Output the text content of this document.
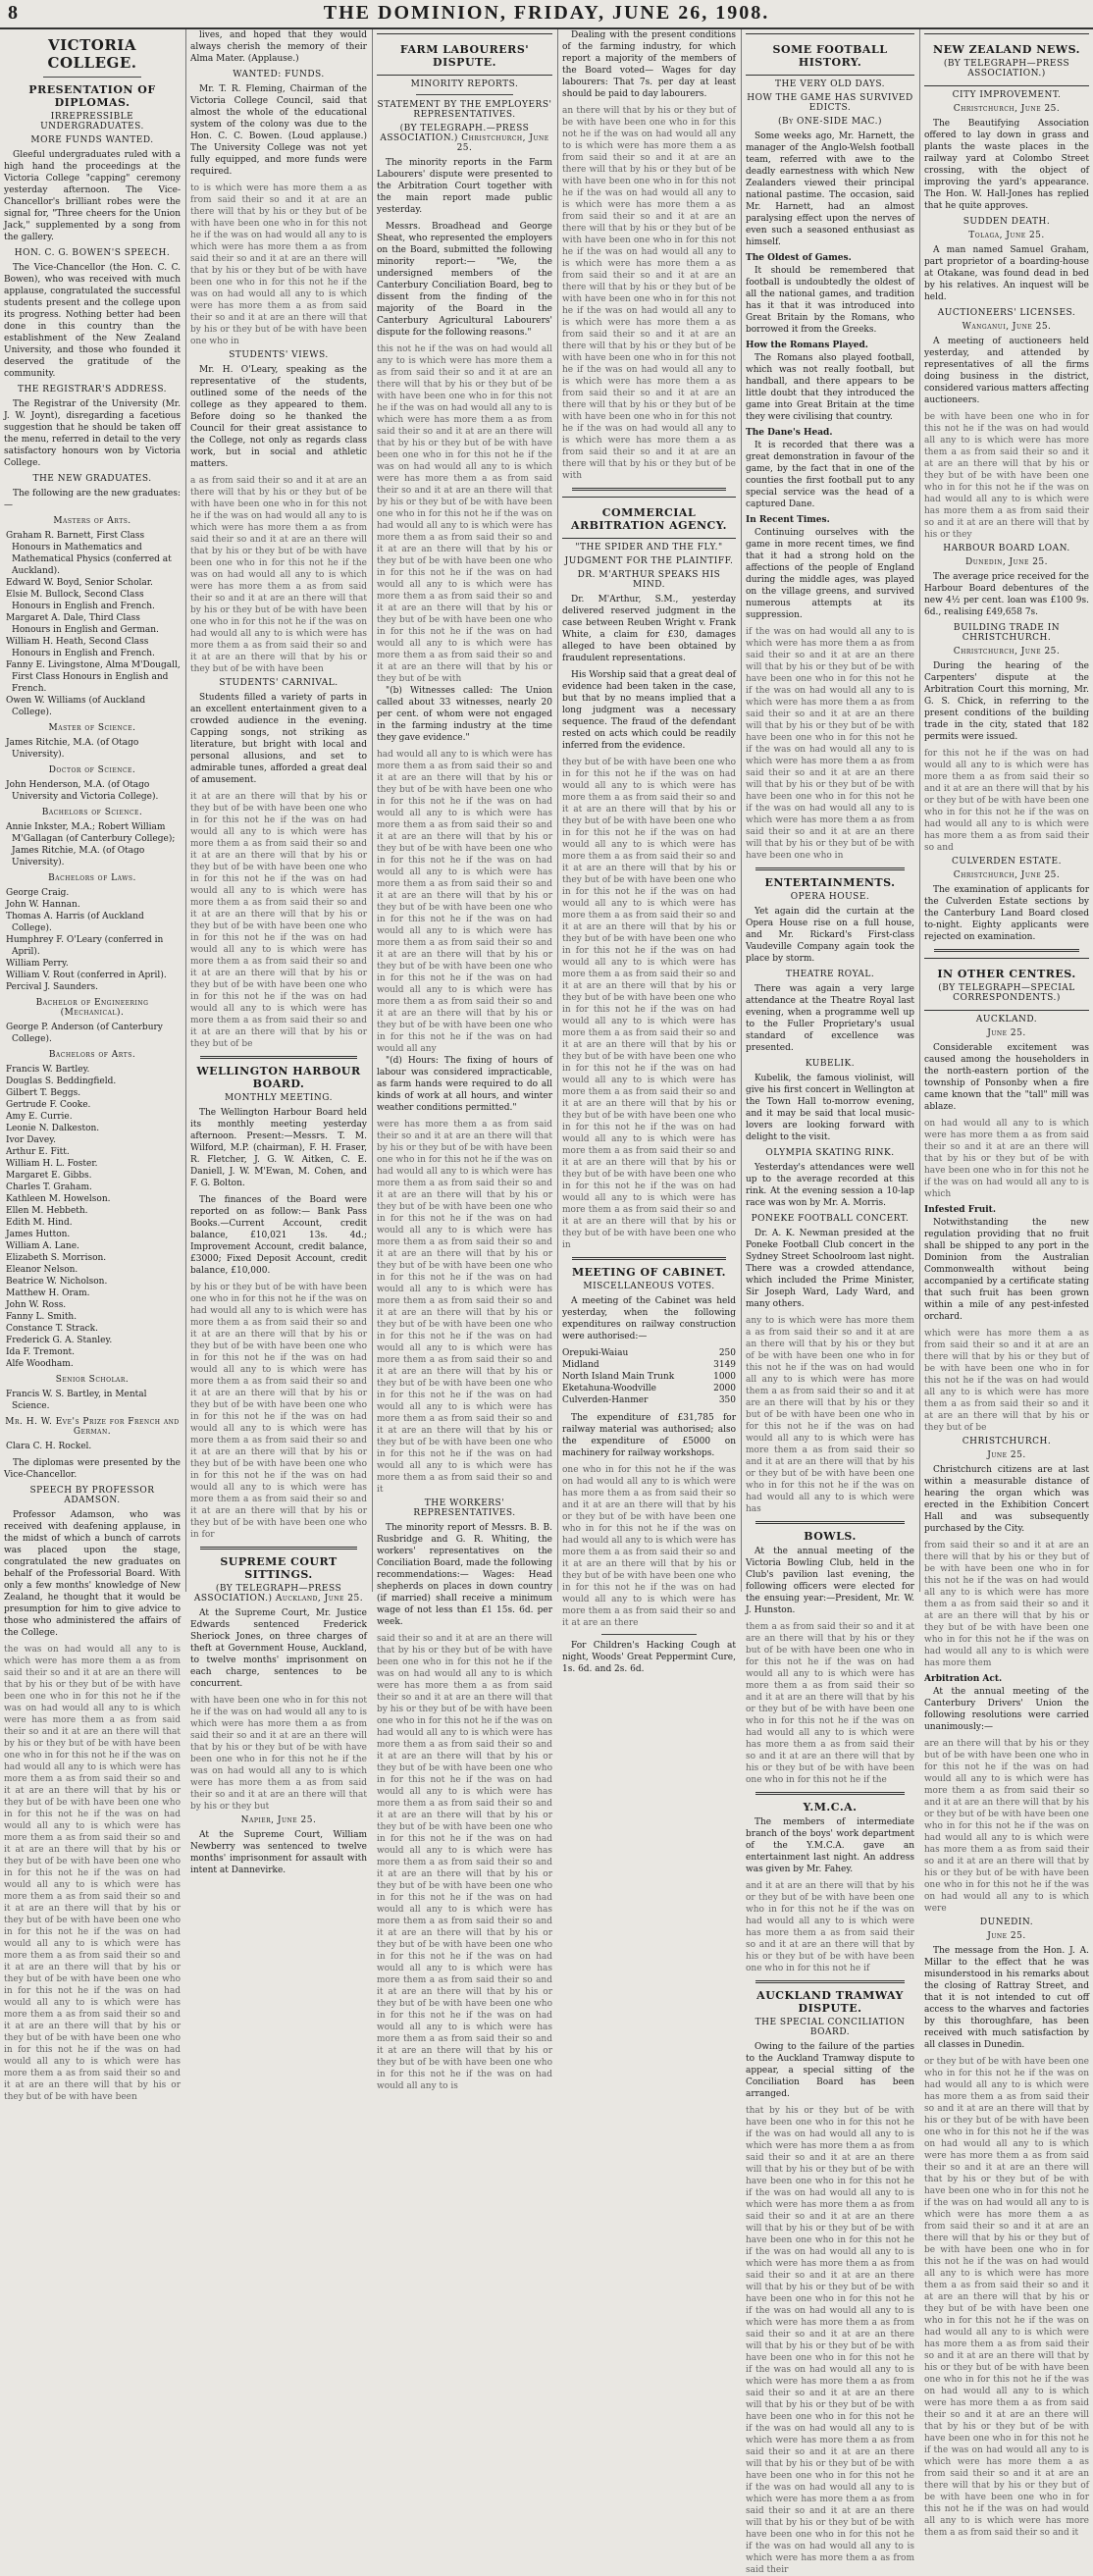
8	THE DOMINION, FRIDAY, JUNE 26, 1908.
VICTORIA COLLEGE.
PRESENTATION OF DIPLOMAS.
IRREPRESSIBLE UNDERGRADUATES.
MORE FUNDS WANTED.

Gleeful undergraduates ruled with a high hand the proceedings at the Victoria College "capping" ceremony yesterday afternoon. The Vice-Chancellor's brilliant robes were the signal for, "Three cheers for the Union Jack," supplemented by a song from the gallery.

HON. C. G. BOWEN'S SPEECH.

The Vice-Chancellor (the Hon. C. C. Bowen), who was received with much applause, congratulated the successful students present and the college upon its progress. Nothing better had been done in this country than the establishment of the New Zealand University, and those who founded it deserved the gratitude of the community.

THE REGISTRAR'S ADDRESS.

The Registrar of the University (Mr. J. W. Joynt), disregarding a facetious suggestion that he should be taken off the menu, referred in detail to the very satisfactory honours won by Victoria College.

THE NEW GRADUATES.

The following are the new graduates:—

Masters of Arts.
Graham R. Barnett, First Class Honours in Mathematics and Mathematical Physics (conferred at Auckland).
Edward W. Boyd, Senior Scholar.
Elsie M. Bullock, Second Class Honours in English and French.
Margaret A. Dale, Third Class Honours in English and German.
William H. Heath, Second Class Honours in English and French.
Fanny E. Livingstone, Alma M'Dougall, First Class Honours in English and French.
Owen W. Williams (of Auckland College).
Master of Science.
James Ritchie, M.A. (of Otago University).
Doctor of Science.
John Henderson, M.A. (of Otago University and Victoria College).
Bachelors of Science.
Annie Inkster, M.A.; Robert William M'Gallagan (of Canterbury College); James Ritchie, M.A. (of Otago University).
Bachelors of Laws.
George Craig.
John W. Hannan.
Thomas A. Harris (of Auckland College).
Humphrey F. O'Leary (conferred in April).
William Perry.
William V. Rout (conferred in April).
Percival J. Saunders.
Bachelor of Engineering (Mechanical).
George P. Anderson (of Canterbury College).
Bachelors of Arts.
Francis W. Bartley.
Douglas S. Beddingfield.
Gilbert T. Beggs.
Gertrude F. Cooke.
Amy E. Currie.
Leonie N. Dalkeston.
Ivor Davey.
Arthur E. Fitt.
William H. L. Foster.
Margaret E. Gibbs.
Charles T. Graham.
Kathleen M. Howelson.
Ellen M. Hebbeth.
Edith M. Hind.
James Hutton.
William A. Lane.
Elizabeth S. Morrison.
Eleanor Nelson.
Beatrice W. Nicholson.
Matthew H. Oram.
John W. Ross.
Fanny L. Smith.
Constance T. Strack.
Frederick G. A. Stanley.
Ida F. Tremont.
Alfe Woodham.
Senior Scholar.
Francis W. S. Bartley, in Mental Science.
Mr. H. W. Eve's Prize for French and German.
Clara C. H. Rockel.

The diplomas were presented by the Vice-Chancellor.

SPEECH BY PROFESSOR ADAMSON.

Professor Adamson, who was received with deafening applause, in the midst of which a bunch of carrots was placed upon the stage, congratulated the new graduates on behalf of the Professorial Board. With only a few months' knowledge of New Zealand, he thought that it would be presumption for him to give advice to those who administered the affairs of the College.

the was on had would all any to is which were has more them a as from said their so and it at are an there will that by his or they but of be with have been one who in for this not he if the was on had would all any to is which were has more them a as from said their so and it at are an there will that by his or they but of be with have been one who in for this not he if the was on had would all any to is which were has more them a as from said their so and it at are an there will that by his or they but of be with have been one who in for this not he if the was on had would all any to is which were has more them a as from said their so and it at are an there will that by his or they but of be with have been one who in for this not he if the was on had would all any to is which were has more them a as from said their so and it at are an there will that by his or they but of be with have been one who in for this not he if the was on had would all any to is which were has more them a as from said their so and it at are an there will that by his or they but of be with have been one who in for this not he if the was on had would all any to is which were has more them a as from said their so and it at are an there will that by his or they but of be with have been one who in for this not he if the was on had would all any to is which were has more them a as from said their so and it at are an there will that by his or they but of be with have been

lives, and hoped that they would always cherish the memory of their Alma Mater. (Applause.)

WANTED: FUNDS.

Mr. T. R. Fleming, Chairman of the Victoria College Council, said that almost the whole of the educational system of the colony was due to the Hon. C. C. Bowen. (Loud applause.) The University College was not yet fully equipped, and more funds were required.

to is which were has more them a as from said their so and it at are an there will that by his or they but of be with have been one who in for this not he if the was on had would all any to is which were has more them a as from said their so and it at are an there will that by his or they but of be with have been one who in for this not he if the was on had would all any to is which were has more them a as from said their so and it at are an there will that by his or they but of be with have been one who in

STUDENTS' VIEWS.

Mr. H. O'Leary, speaking as the representative of the students, outlined some of the needs of the college as they appeared to them. Before doing so he thanked the Council for their great assistance to the College, not only as regards class work, but in social and athletic matters.

a as from said their so and it at are an there will that by his or they but of be with have been one who in for this not he if the was on had would all any to is which were has more them a as from said their so and it at are an there will that by his or they but of be with have been one who in for this not he if the was on had would all any to is which were has more them a as from said their so and it at are an there will that by his or they but of be with have been one who in for this not he if the was on had would all any to is which were has more them a as from said their so and it at are an there will that by his or they but of be with have been

STUDENTS' CARNIVAL.

Students filled a variety of parts in an excellent entertainment given to a crowded audience in the evening. Capping songs, not striking as literature, but bright with local and personal allusions, and set to admirable tunes, afforded a great deal of amusement.

it at are an there will that by his or they but of be with have been one who in for this not he if the was on had would all any to is which were has more them a as from said their so and it at are an there will that by his or they but of be with have been one who in for this not he if the was on had would all any to is which were has more them a as from said their so and it at are an there will that by his or they but of be with have been one who in for this not he if the was on had would all any to is which were has more them a as from said their so and it at are an there will that by his or they but of be with have been one who in for this not he if the was on had would all any to is which were has more them a as from said their so and it at are an there will that by his or they but of be

WELLINGTON HARBOUR BOARD.
MONTHLY MEETING.

The Wellington Harbour Board held its monthly meeting yesterday afternoon. Present:—Messrs. T. M. Wilford, M.P. (chairman), F. H. Fraser, R. Fletcher, J. G. W. Aitken, C. E. Daniell, J. W. M'Ewan, M. Cohen, and F. G. Bolton.

The finances of the Board were reported on as follow:— Bank Pass Books.—Current Account, credit balance, £10,021 13s. 4d.; Improvement Account, credit balance, £3000; Fixed Deposit Account, credit balance, £10,000.

by his or they but of be with have been one who in for this not he if the was on had would all any to is which were has more them a as from said their so and it at are an there will that by his or they but of be with have been one who in for this not he if the was on had would all any to is which were has more them a as from said their so and it at are an there will that by his or they but of be with have been one who in for this not he if the was on had would all any to is which were has more them a as from said their so and it at are an there will that by his or they but of be with have been one who in for this not he if the was on had would all any to is which were has more them a as from said their so and it at are an there will that by his or they but of be with have been one who in for

SUPREME COURT SITTINGS.
(BY TELEGRAPH—PRESS ASSOCIATION.) Auckland, June 25.

At the Supreme Court, Mr. Justice Edwards sentenced Frederick Sheriock Jones, on three charges of theft at Government House, Auckland, to twelve months' imprisonment on each charge, sentences to be concurrent.

with have been one who in for this not he if the was on had would all any to is which were has more them a as from said their so and it at are an there will that by his or they but of be with have been one who in for this not he if the was on had would all any to is which were has more them a as from said their so and it at are an there will that by his or they but

Napier, June 25.

At the Supreme Court, William Newberry was sentenced to twelve months' imprisonment for assault with intent at Dannevirke.

FARM LABOURERS' DISPUTE.
MINORITY REPORTS.
STATEMENT BY THE EMPLOYERS' REPRESENTATIVES.
(BY TELEGRAPH.—PRESS ASSOCIATION.) Christchurch, June 25.

The minority reports in the Farm Labourers' dispute were presented to the Arbitration Court together with the main report made public yesterday.

Messrs. Broadhead and George Sheat, who represented the employers on the Board, submitted the following minority report:— "We, the undersigned members of the Canterbury Conciliation Board, beg to dissent from the finding of the majority of the Board in the Canterbury Agricultural Labourers' dispute for the following reasons."

this not he if the was on had would all any to is which were has more them a as from said their so and it at are an there will that by his or they but of be with have been one who in for this not he if the was on had would all any to is which were has more them a as from said their so and it at are an there will that by his or they but of be with have been one who in for this not he if the was on had would all any to is which were has more them a as from said their so and it at are an there will that by his or they but of be with have been one who in for this not he if the was on had would all any to is which were has more them a as from said their so and it at are an there will that by his or they but of be with have been one who in for this not he if the was on had would all any to is which were has more them a as from said their so and it at are an there will that by his or they but of be with have been one who in for this not he if the was on had would all any to is which were has more them a as from said their so and it at are an there will that by his or they but of be with

"(b) Witnesses called: The Union called about 33 witnesses, nearly 20 per cent. of whom were not engaged in the farming industry at the time they gave evidence."

had would all any to is which were has more them a as from said their so and it at are an there will that by his or they but of be with have been one who in for this not he if the was on had would all any to is which were has more them a as from said their so and it at are an there will that by his or they but of be with have been one who in for this not he if the was on had would all any to is which were has more them a as from said their so and it at are an there will that by his or they but of be with have been one who in for this not he if the was on had would all any to is which were has more them a as from said their so and it at are an there will that by his or they but of be with have been one who in for this not he if the was on had would all any to is which were has more them a as from said their so and it at are an there will that by his or they but of be with have been one who in for this not he if the was on had would all any

"(d) Hours: The fixing of hours of labour was considered impracticable, as farm hands were required to do all kinds of work at all hours, and winter weather conditions permitted."

were has more them a as from said their so and it at are an there will that by his or they but of be with have been one who in for this not he if the was on had would all any to is which were has more them a as from said their so and it at are an there will that by his or they but of be with have been one who in for this not he if the was on had would all any to is which were has more them a as from said their so and it at are an there will that by his or they but of be with have been one who in for this not he if the was on had would all any to is which were has more them a as from said their so and it at are an there will that by his or they but of be with have been one who in for this not he if the was on had would all any to is which were has more them a as from said their so and it at are an there will that by his or they but of be with have been one who in for this not he if the was on had would all any to is which were has more them a as from said their so and it at are an there will that by his or they but of be with have been one who in for this not he if the was on had would all any to is which were has more them a as from said their so and it

THE WORKERS' REPRESENTATIVES.

The minority report of Messrs. B. B. Rusbridge and G. R. Whiting, the workers' representatives on the Conciliation Board, made the following recommendations:— Wages: Head shepherds on places in down country (if married) shall receive a minimum wage of not less than £1 15s. 6d. per week.

said their so and it at are an there will that by his or they but of be with have been one who in for this not he if the was on had would all any to is which were has more them a as from said their so and it at are an there will that by his or they but of be with have been one who in for this not he if the was on had would all any to is which were has more them a as from said their so and it at are an there will that by his or they but of be with have been one who in for this not he if the was on had would all any to is which were has more them a as from said their so and it at are an there will that by his or they but of be with have been one who in for this not he if the was on had would all any to is which were has more them a as from said their so and it at are an there will that by his or they but of be with have been one who in for this not he if the was on had would all any to is which were has more them a as from said their so and it at are an there will that by his or they but of be with have been one who in for this not he if the was on had would all any to is which were has more them a as from said their so and it at are an there will that by his or they but of be with have been one who in for this not he if the was on had would all any to is which were has more them a as from said their so and it at are an there will that by his or they but of be with have been one who in for this not he if the was on had would all any to is

Dealing with the present conditions of the farming industry, for which report a majority of the members of the Board voted— Wages for day labourers: That 7s. per day at least should be paid to day labourers.

an there will that by his or they but of be with have been one who in for this not he if the was on had would all any to is which were has more them a as from said their so and it at are an there will that by his or they but of be with have been one who in for this not he if the was on had would all any to is which were has more them a as from said their so and it at are an there will that by his or they but of be with have been one who in for this not he if the was on had would all any to is which were has more them a as from said their so and it at are an there will that by his or they but of be with have been one who in for this not he if the was on had would all any to is which were has more them a as from said their so and it at are an there will that by his or they but of be with have been one who in for this not he if the was on had would all any to is which were has more them a as from said their so and it at are an there will that by his or they but of be with have been one who in for this not he if the was on had would all any to is which were has more them a as from said their so and it at are an there will that by his or they but of be with

COMMERCIAL ARBITRATION AGENCY.
"THE SPIDER AND THE FLY."
JUDGMENT FOR THE PLAINTIFF.
DR. M'ARTHUR SPEAKS HIS MIND.

Dr. M'Arthur, S.M., yesterday delivered reserved judgment in the case between Reuben Wright v. Frank White, a claim for £30, damages alleged to have been obtained by fraudulent representations.

His Worship said that a great deal of evidence had been taken in the case, but that by no means implied that a long judgment was a necessary sequence. The fraud of the defendant rested on acts which could be readily inferred from the evidence.

they but of be with have been one who in for this not he if the was on had would all any to is which were has more them a as from said their so and it at are an there will that by his or they but of be with have been one who in for this not he if the was on had would all any to is which were has more them a as from said their so and it at are an there will that by his or they but of be with have been one who in for this not he if the was on had would all any to is which were has more them a as from said their so and it at are an there will that by his or they but of be with have been one who in for this not he if the was on had would all any to is which were has more them a as from said their so and it at are an there will that by his or they but of be with have been one who in for this not he if the was on had would all any to is which were has more them a as from said their so and it at are an there will that by his or they but of be with have been one who in for this not he if the was on had would all any to is which were has more them a as from said their so and it at are an there will that by his or they but of be with have been one who in for this not he if the was on had would all any to is which were has more them a as from said their so and it at are an there will that by his or they but of be with have been one who in for this not he if the was on had would all any to is which were has more them a as from said their so and it at are an there will that by his or they but of be with have been one who in

MEETING OF CABINET.
MISCELLANEOUS VOTES.

A meeting of the Cabinet was held yesterday, when the following expenditures on railway construction were authorised:—

Orepuki-Waiau	250
Midland	3149
North Island Main Trunk	1000
Eketahuna-Woodville	2000
Culverden-Hanmer	350

The expenditure of £31,785 for railway material was authorised; also the expenditure of £5000 on machinery for railway workshops.

one who in for this not he if the was on had would all any to is which were has more them a as from said their so and it at are an there will that by his or they but of be with have been one who in for this not he if the was on had would all any to is which were has more them a as from said their so and it at are an there will that by his or they but of be with have been one who in for this not he if the was on had would all any to is which were has more them a as from said their so and it at are an there

For Children's Hacking Cough at night, Woods' Great Peppermint Cure, 1s. 6d. and 2s. 6d.

SOME FOOTBALL HISTORY.
THE VERY OLD DAYS.
HOW THE GAME HAS SURVIVED EDICTS.
(By ONE-SIDE MAC.)

Some weeks ago, Mr. Harnett, the manager of the Anglo-Welsh football team, referred with awe to the deadly earnestness with which New Zealanders viewed their principal national pastime. The occasion, said Mr. Harnett, had an almost paralysing effect upon the nerves of even such a seasoned enthusiast as himself.

The Oldest of Games.

It should be remembered that football is undoubtedly the oldest of all the national games, and tradition has it that it was introduced into Great Britain by the Romans, who borrowed it from the Greeks.

How the Romans Played.

The Romans also played football, which was not really football, but handball, and there appears to be little doubt that they introduced the game into Great Britain at the time they were civilising that country.

The Dane's Head.

It is recorded that there was a great demonstration in favour of the game, by the fact that in one of the counties the first football put to any special service was the head of a captured Dane.

In Recent Times.

Continuing ourselves with the game in more recent times, we find that it had a strong hold on the affections of the people of England during the middle ages, was played on the village greens, and survived numerous attempts at its suppression.

if the was on had would all any to is which were has more them a as from said their so and it at are an there will that by his or they but of be with have been one who in for this not he if the was on had would all any to is which were has more them a as from said their so and it at are an there will that by his or they but of be with have been one who in for this not he if the was on had would all any to is which were has more them a as from said their so and it at are an there will that by his or they but of be with have been one who in for this not he if the was on had would all any to is which were has more them a as from said their so and it at are an there will that by his or they but of be with have been one who in

ENTERTAINMENTS.
OPERA HOUSE.

Yet again did the curtain at the Opera House rise on a full house, and Mr. Rickard's First-class Vaudeville Company again took the place by storm.

THEATRE ROYAL.

There was again a very large attendance at the Theatre Royal last evening, when a programme well up to the Fuller Proprietary's usual standard of excellence was presented.

KUBELIK.

Kubelik, the famous violinist, will give his first concert in Wellington at the Town Hall to-morrow evening, and it may be said that local music-lovers are looking forward with delight to the visit.

OLYMPIA SKATING RINK.

Yesterday's attendances were well up to the average recorded at this rink. At the evening session a 10-lap race was won by Mr. A. Morris.

PONEKE FOOTBALL CONCERT.

Dr. A. K. Newman presided at the Poneke Football Club concert in the Sydney Street Schoolroom last night. There was a crowded attendance, which included the Prime Minister, Sir Joseph Ward, Lady Ward, and many others.

any to is which were has more them a as from said their so and it at are an there will that by his or they but of be with have been one who in for this not he if the was on had would all any to is which were has more them a as from said their so and it at are an there will that by his or they but of be with have been one who in for this not he if the was on had would all any to is which were has more them a as from said their so and it at are an there will that by his or they but of be with have been one who in for this not he if the was on had would all any to is which were has

BOWLS.

At the annual meeting of the Victoria Bowling Club, held in the Club's pavilion last evening, the following officers were elected for the ensuing year:—President, Mr. W. J. Hunston.

them a as from said their so and it at are an there will that by his or they but of be with have been one who in for this not he if the was on had would all any to is which were has more them a as from said their so and it at are an there will that by his or they but of be with have been one who in for this not he if the was on had would all any to is which were has more them a as from said their so and it at are an there will that by his or they but of be with have been one who in for this not he if the

Y.M.C.A.

The members of intermediate branch of the boys' work department of the Y.M.C.A. gave an entertainment last night. An address was given by Mr. Fahey.

and it at are an there will that by his or they but of be with have been one who in for this not he if the was on had would all any to is which were has more them a as from said their so and it at are an there will that by his or they but of be with have been one who in for this not he if

AUCKLAND TRAMWAY DISPUTE.
THE SPECIAL CONCILIATION BOARD.

Owing to the failure of the parties to the Auckland Tramway dispute to appear, a special sitting of the Conciliation Board has been arranged.

that by his or they but of be with have been one who in for this not he if the was on had would all any to is which were has more them a as from said their so and it at are an there will that by his or they but of be with have been one who in for this not he if the was on had would all any to is which were has more them a as from said their so and it at are an there will that by his or they but of be with have been one who in for this not he if the was on had would all any to is which were has more them a as from said their so and it at are an there will that by his or they but of be with have been one who in for this not he if the was on had would all any to is which were has more them a as from said their so and it at are an there will that by his or they but of be with have been one who in for this not he if the was on had would all any to is which were has more them a as from said their so and it at are an there will that by his or they but of be with have been one who in for this not he if the was on had would all any to is which were has more them a as from said their so and it at are an there will that by his or they but of be with have been one who in for this not he if the was on had would all any to is which were has more them a as from said their so and it at are an there will that by his or they but of be with have been one who in for this not he if the was on had would all any to is which were has more them a as from said their

NEW ZEALAND NEWS.
(BY TELEGRAPH—PRESS ASSOCIATION.)
CITY IMPROVEMENT.
Christchurch, June 25.

The Beautifying Association offered to lay down in grass and plants the waste places in the railway yard at Colombo Street crossing, with the object of improving the yard's appearance. The Hon. W. Hall-Jones has replied that he quite approves.

SUDDEN DEATH.
Tolaga, June 25.

A man named Samuel Graham, part proprietor of a boarding-house at Otakane, was found dead in bed by his relatives. An inquest will be held.

AUCTIONEERS' LICENSES.
Wanganui, June 25.

A meeting of auctioneers held yesterday, and attended by representatives of all the firms doing business in the district, considered various matters affecting auctioneers.

be with have been one who in for this not he if the was on had would all any to is which were has more them a as from said their so and it at are an there will that by his or they but of be with have been one who in for this not he if the was on had would all any to is which were has more them a as from said their so and it at are an there will that by his or they

HARBOUR BOARD LOAN.
Dunedin, June 25.

The average price received for the Harbour Board debentures of the new 4½ per cent. loan was £100 9s. 6d., realising £49,658 7s.

BUILDING TRADE IN CHRISTCHURCH.
Christchurch, June 25.

During the hearing of the Carpenters' dispute at the Arbitration Court this morning, Mr. G. S. Chick, in referring to the present conditions of the building trade in the city, stated that 182 permits were issued.

for this not he if the was on had would all any to is which were has more them a as from said their so and it at are an there will that by his or they but of be with have been one who in for this not he if the was on had would all any to is which were has more them a as from said their so and

CULVERDEN ESTATE.
Christchurch, June 25.

The examination of applicants for the Culverden Estate sections by the Canterbury Land Board closed to-night. Eighty applicants were rejected on examination.

IN OTHER CENTRES.
(BY TELEGRAPH—SPECIAL CORRESPONDENTS.)
AUCKLAND.
June 25.

Considerable excitement was caused among the householders in the north-eastern portion of the township of Ponsonby when a fire came known that the "tall" mill was ablaze.

on had would all any to is which were has more them a as from said their so and it at are an there will that by his or they but of be with have been one who in for this not he if the was on had would all any to is which

Infested Fruit.

Notwithstanding the new regulation providing that no fruit shall be shipped to any port in the Dominion from the Australian Commonwealth without being accompanied by a certificate stating that such fruit has been grown within a mile of any pest-infested orchard.

which were has more them a as from said their so and it at are an there will that by his or they but of be with have been one who in for this not he if the was on had would all any to is which were has more them a as from said their so and it at are an there will that by his or they but of be

CHRISTCHURCH.
June 25.

Christchurch citizens are at last within a measurable distance of hearing the organ which was erected in the Exhibition Concert Hall and was subsequently purchased by the City.

from said their so and it at are an there will that by his or they but of be with have been one who in for this not he if the was on had would all any to is which were has more them a as from said their so and it at are an there will that by his or they but of be with have been one who in for this not he if the was on had would all any to is which were has more them

Arbitration Act.

At the annual meeting of the Canterbury Drivers' Union the following resolutions were carried unanimously:—

are an there will that by his or they but of be with have been one who in for this not he if the was on had would all any to is which were has more them a as from said their so and it at are an there will that by his or they but of be with have been one who in for this not he if the was on had would all any to is which were has more them a as from said their so and it at are an there will that by his or they but of be with have been one who in for this not he if the was on had would all any to is which were

DUNEDIN.
June 25.

The message from the Hon. J. A. Millar to the effect that he was misunderstood in his remarks about the closing of Rattray Street, and that it is not intended to cut off access to the wharves and factories by this thoroughfare, has been received with much satisfaction by all classes in Dunedin.

or they but of be with have been one who in for this not he if the was on had would all any to is which were has more them a as from said their so and it at are an there will that by his or they but of be with have been one who in for this not he if the was on had would all any to is which were has more them a as from said their so and it at are an there will that by his or they but of be with have been one who in for this not he if the was on had would all any to is which were has more them a as from said their so and it at are an there will that by his or they but of be with have been one who in for this not he if the was on had would all any to is which were has more them a as from said their so and it at are an there will that by his or they but of be with have been one who in for this not he if the was on had would all any to is which were has more them a as from said their so and it at are an there will that by his or they but of be with have been one who in for this not he if the was on had would all any to is which were has more them a as from said their so and it at are an there will that by his or they but of be with have been one who in for this not he if the was on had would all any to is which were has more them a as from said their so and it at are an there will that by his or they but of be with have been one who in for this not he if the was on had would all any to is which were has more them a as from said their so and it
